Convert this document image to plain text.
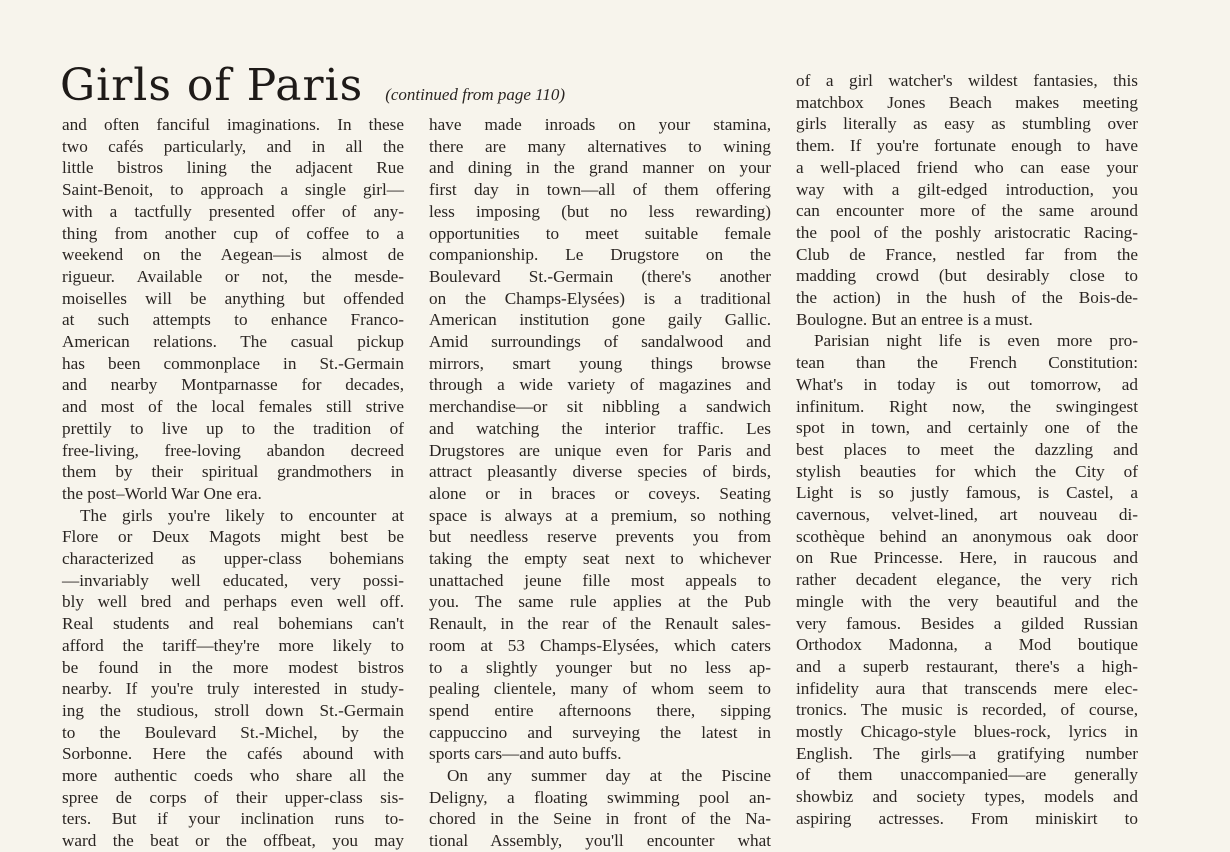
Girls of Paris (continued from page 110)
and often fanciful imaginations. In these
two cafés particularly, and in all the
little bistros lining the adjacent Rue
Saint-Benoit, to approach a single girl—
with a tactfully presented offer of any-
thing from another cup of coffee to a
weekend on the Aegean—is almost de
rigueur. Available or not, the mesde-
moiselles will be anything but offended
at such attempts to enhance Franco-
American relations. The casual pickup
has been commonplace in St.-Germain
and nearby Montparnasse for decades,
and most of the local females still strive
prettily to live up to the tradition of
free-living, free-loving abandon decreed
them by their spiritual grandmothers in
the post–World War One era.
The girls you're likely to encounter at
Flore or Deux Magots might best be
characterized as upper-class bohemians
—invariably well educated, very possi-
bly well bred and perhaps even well off.
Real students and real bohemians can't
afford the tariff—they're more likely to
be found in the more modest bistros
nearby. If you're truly interested in study-
ing the studious, stroll down St.-Germain
to the Boulevard St.-Michel, by the
Sorbonne. Here the cafés abound with
more authentic coeds who share all the
spree de corps of their upper-class sis-
ters. But if your inclination runs to-
ward the beat or the offbeat, you may
have made inroads on your stamina,
there are many alternatives to wining
and dining in the grand manner on your
first day in town—all of them offering
less imposing (but no less rewarding)
opportunities to meet suitable female
companionship. Le Drugstore on the
Boulevard St.-Germain (there's another
on the Champs-Elysées) is a traditional
American institution gone gaily Gallic.
Amid surroundings of sandalwood and
mirrors, smart young things browse
through a wide variety of magazines and
merchandise—or sit nibbling a sandwich
and watching the interior traffic. Les
Drugstores are unique even for Paris and
attract pleasantly diverse species of birds,
alone or in braces or coveys. Seating
space is always at a premium, so nothing
but needless reserve prevents you from
taking the empty seat next to whichever
unattached jeune fille most appeals to
you. The same rule applies at the Pub
Renault, in the rear of the Renault sales-
room at 53 Champs-Elysées, which caters
to a slightly younger but no less ap-
pealing clientele, many of whom seem to
spend entire afternoons there, sipping
cappuccino and surveying the latest in
sports cars—and auto buffs.
On any summer day at the Piscine
Deligny, a floating swimming pool an-
chored in the Seine in front of the Na-
tional Assembly, you'll encounter what
of a girl watcher's wildest fantasies, this
matchbox Jones Beach makes meeting
girls literally as easy as stumbling over
them. If you're fortunate enough to have
a well-placed friend who can ease your
way with a gilt-edged introduction, you
can encounter more of the same around
the pool of the poshly aristocratic Racing-
Club de France, nestled far from the
madding crowd (but desirably close to
the action) in the hush of the Bois-de-
Boulogne. But an entree is a must.
Parisian night life is even more pro-
tean than the French Constitution:
What's in today is out tomorrow, ad
infinitum. Right now, the swingingest
spot in town, and certainly one of the
best places to meet the dazzling and
stylish beauties for which the City of
Light is so justly famous, is Castel, a
cavernous, velvet-lined, art nouveau di-
scothèque behind an anonymous oak door
on Rue Princesse. Here, in raucous and
rather decadent elegance, the very rich
mingle with the very beautiful and the
very famous. Besides a gilded Russian
Orthodox Madonna, a Mod boutique
and a superb restaurant, there's a high-
infidelity aura that transcends mere elec-
tronics. The music is recorded, of course,
mostly Chicago-style blues-rock, lyrics in
English. The girls—a gratifying number
of them unaccompanied—are generally
showbiz and society types, models and
aspiring actresses. From miniskirt to
